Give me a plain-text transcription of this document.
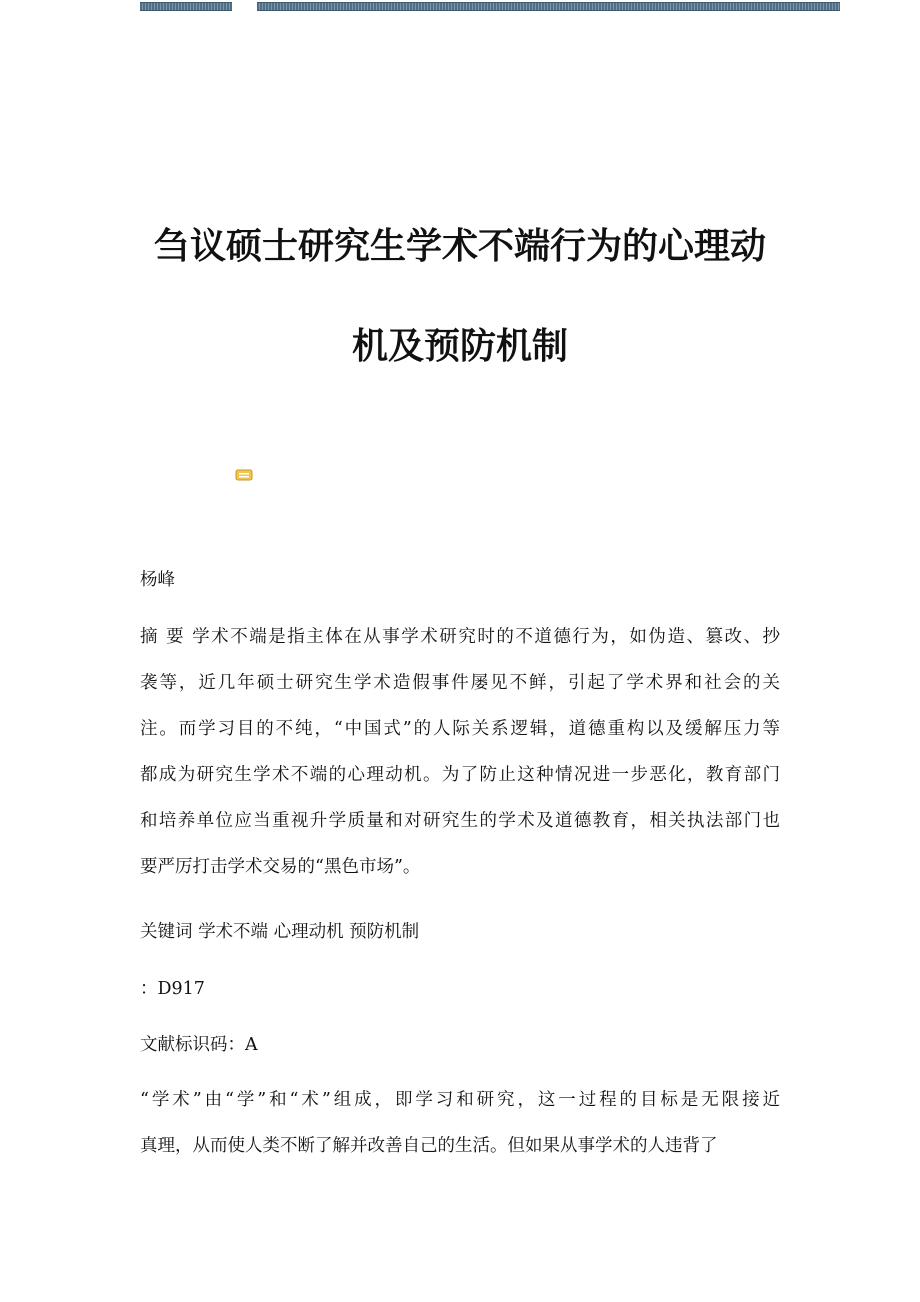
刍议硕士研究生学术不端行为的心理动
机及预防机制
杨峰
摘 要 学术不端是指主体在从事学术研究时的不道德行为，如伪造、篡改、抄
袭等，近几年硕士研究生学术造假事件屡见不鲜，引起了学术界和社会的关
注。而学习目的不纯，“中国式”的人际关系逻辑，道德重构以及缓解压力等
都成为研究生学术不端的心理动机。为了防止这种情况进一步恶化，教育部门
和培养单位应当重视升学质量和对研究生的学术及道德教育，相关执法部门也
要严厉打击学术交易的“黑色市场”。
关键词 学术不端 心理动机 预防机制
：D917
文献标识码：A
“学术”由“学”和“术”组成，即学习和研究，这一过程的目标是无限接近
真理，从而使人类不断了解并改善自己的生活。但如果从事学术的人违背了
